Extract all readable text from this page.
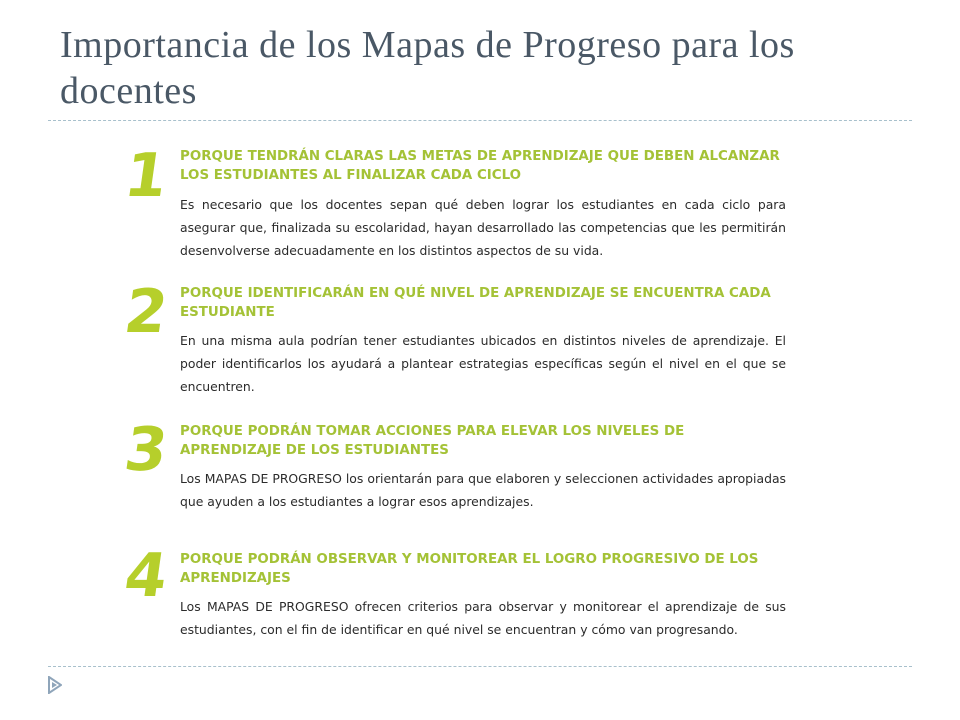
Importancia de los Mapas de Progreso para los docentes
1 PORQUE TENDRÁN CLARAS LAS METAS DE APRENDIZAJE QUE DEBEN ALCANZAR LOS ESTUDIANTES AL FINALIZAR CADA CICLO

Es necesario que los docentes sepan qué deben lograr los estudiantes en cada ciclo para asegurar que, finalizada su escolaridad, hayan desarrollado las competencias que les permitirán desenvolverse adecuadamente en los distintos aspectos de su vida.

2 PORQUE IDENTIFICARÁN EN QUÉ NIVEL DE APRENDIZAJE SE ENCUENTRA CADA ESTUDIANTE

En una misma aula podrían tener estudiantes ubicados en distintos niveles de aprendizaje. El poder identificarlos los ayudará a plantear estrategias específicas según el nivel en el que se encuentren.

3 PORQUE PODRÁN TOMAR ACCIONES PARA ELEVAR LOS NIVELES DE APRENDIZAJE DE LOS ESTUDIANTES

Los MAPAS DE PROGRESO los orientarán para que elaboren y seleccionen actividades apropiadas que ayuden a los estudiantes a lograr esos aprendizajes.

4 PORQUE PODRÁN OBSERVAR Y MONITOREAR EL LOGRO PROGRESIVO DE LOS APRENDIZAJES

Los MAPAS DE PROGRESO ofrecen criterios para observar y monitorear el aprendizaje de sus estudiantes, con el fin de identificar en qué nivel se encuentran y cómo van progresando.
